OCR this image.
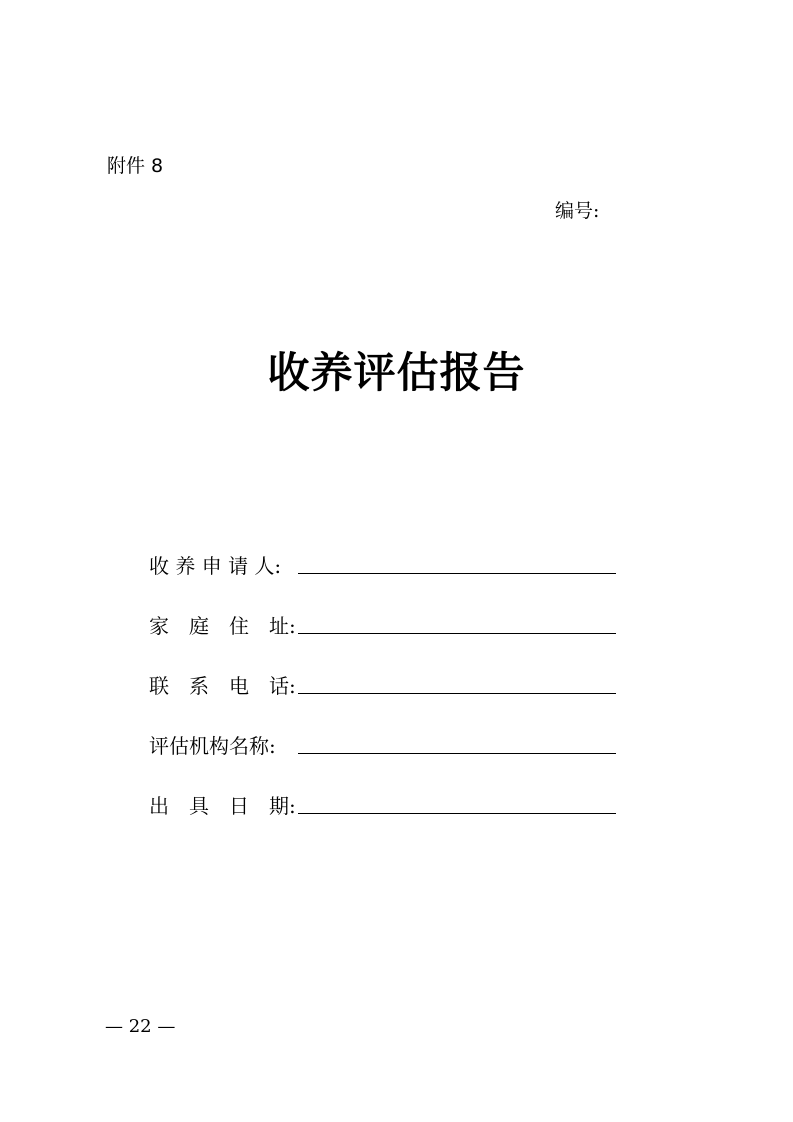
附件 8
编号:
收养评估报告
收 养 申 请 人:
家　庭　住　址:
联　系　电　话:
评估机构名称:
出　具　日　期:
— 22 —
